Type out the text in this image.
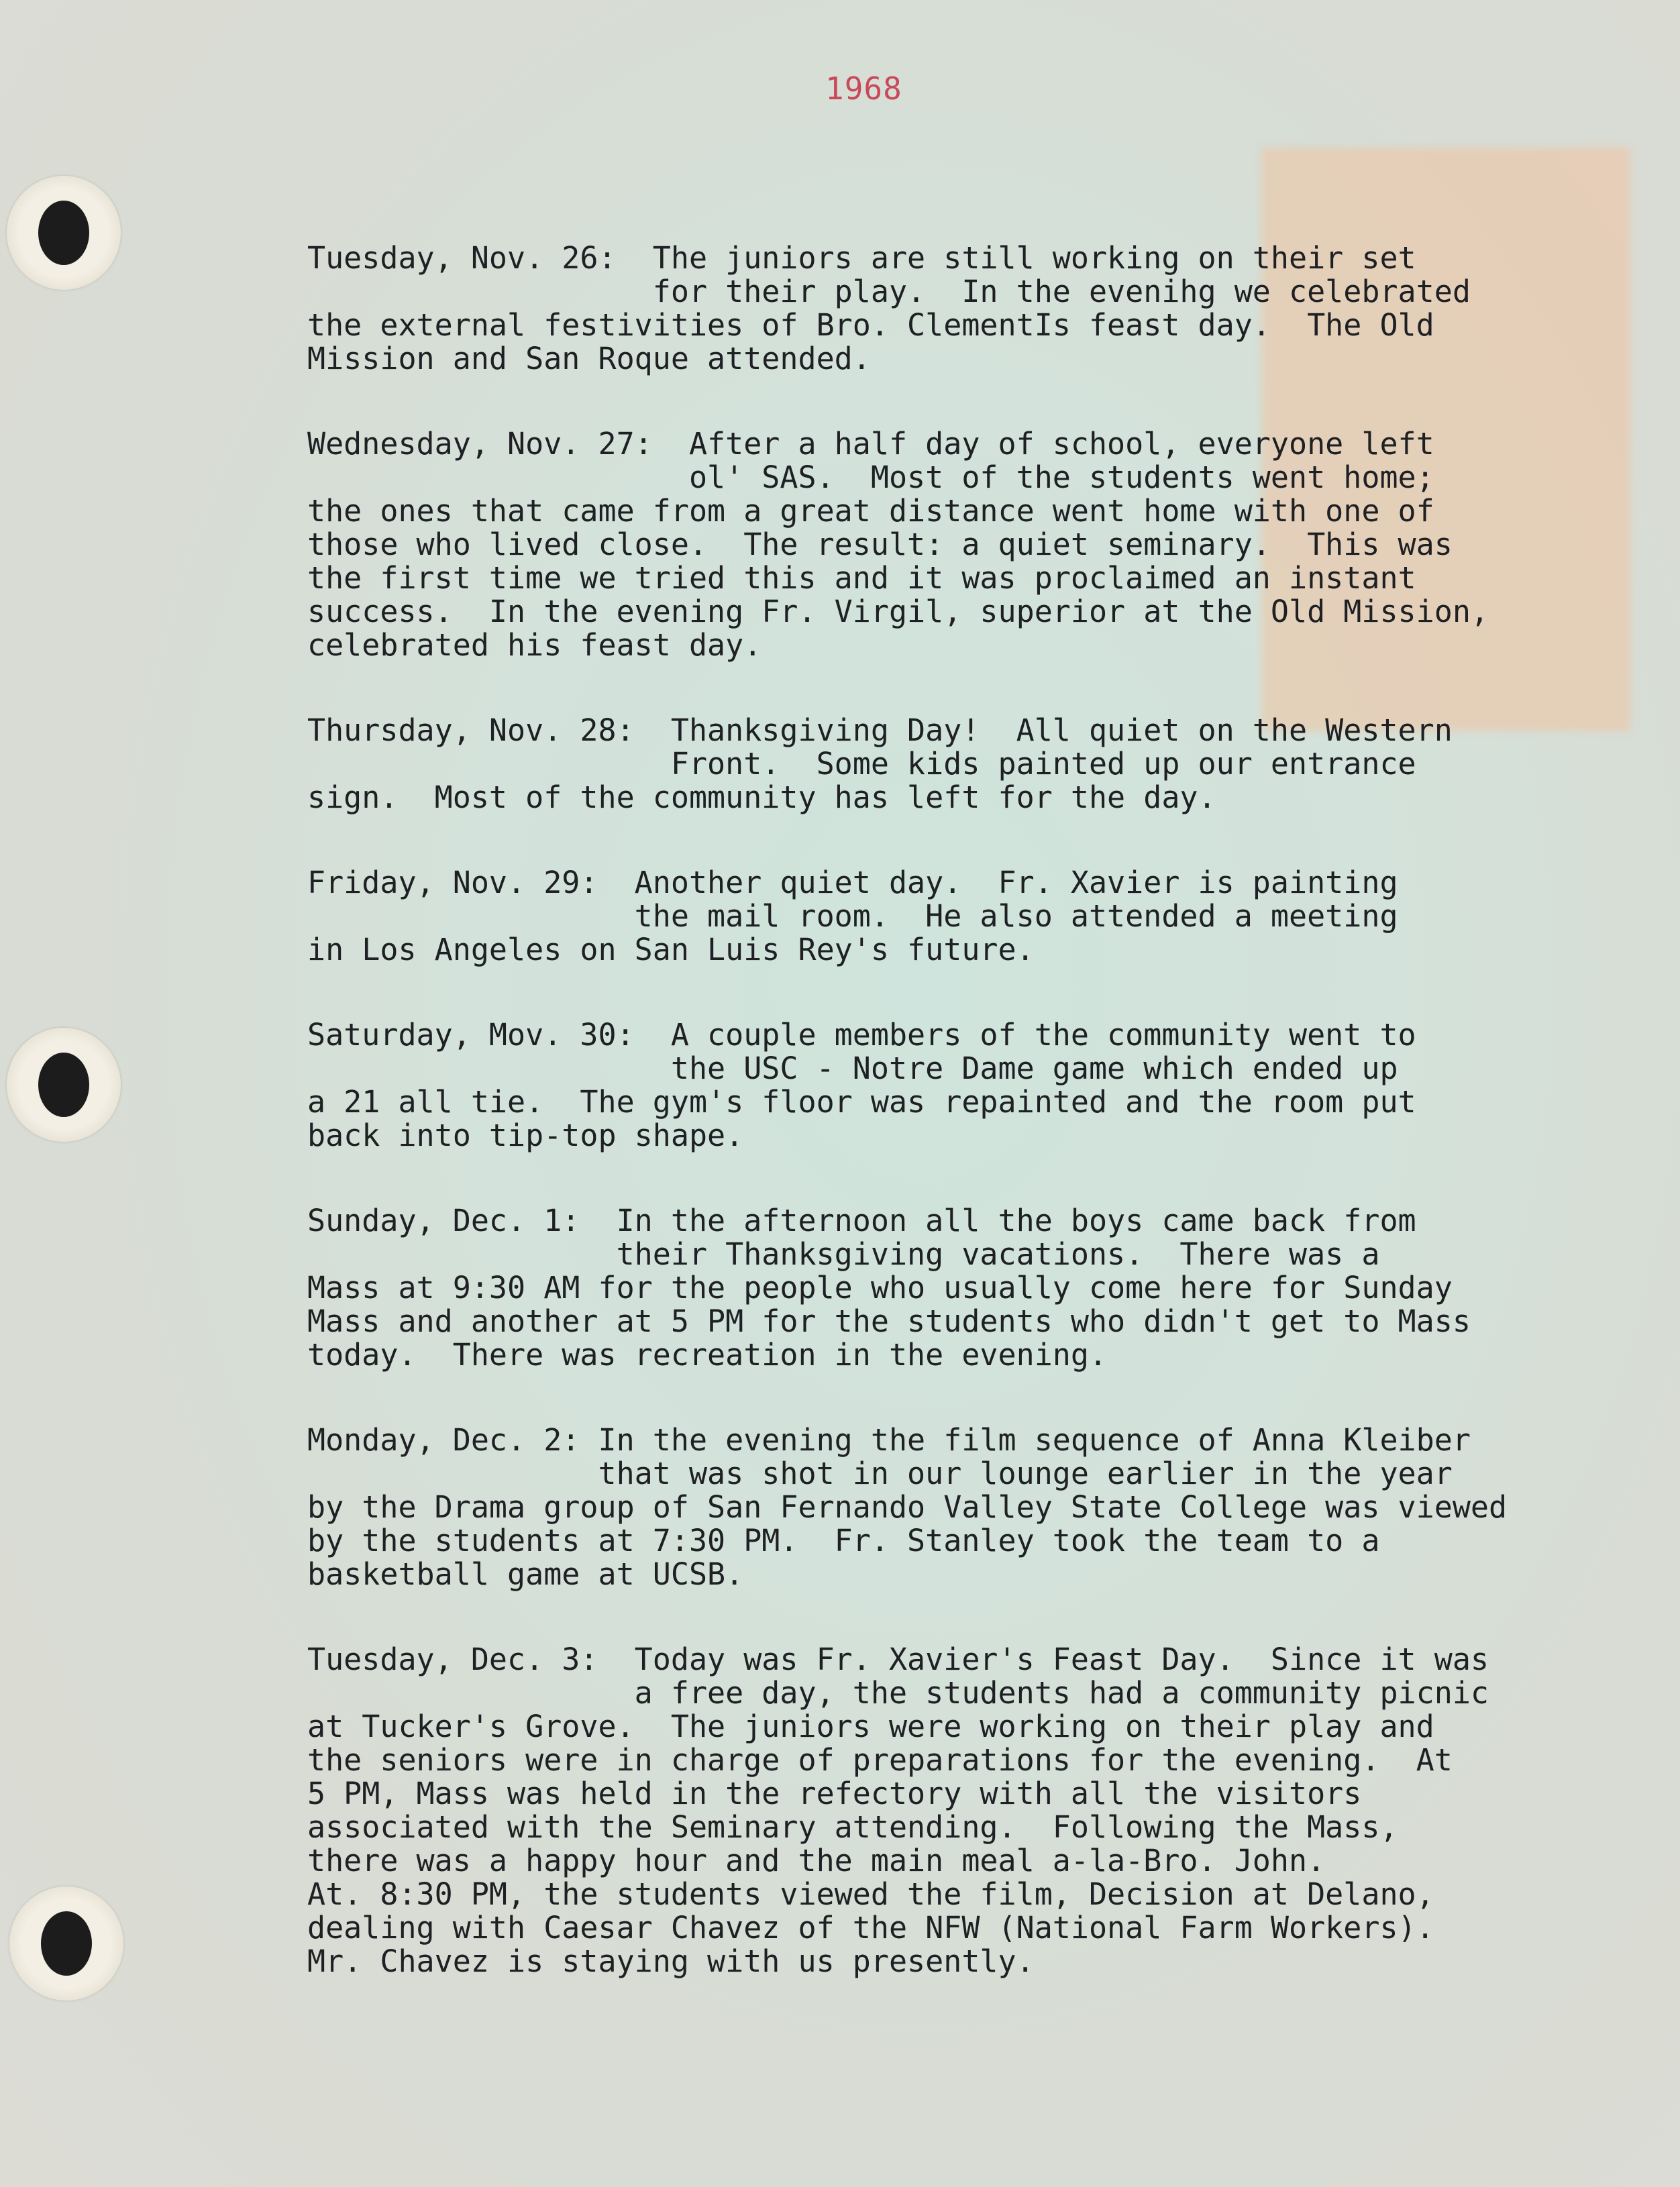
1968
Tuesday, Nov. 26:  The juniors are still working on their set
for their play.  In the evenihg we celebrated
the external festivities of Bro. ClementIs feast day.  The Old
Mission and San Roque attended.
Wednesday, Nov. 27:  After a half day of school, everyone left
ol' SAS.  Most of the students went home;
the ones that came from a great distance went home with one of
those who lived close.  The result: a quiet seminary.  This was
the first time we tried this and it was proclaimed an instant
success.  In the evening Fr. Virgil, superior at the Old Mission,
celebrated his feast day.
Thursday, Nov. 28:  Thanksgiving Day!  All quiet on the Western
Front.  Some kids painted up our entrance
sign.  Most of the community has left for the day.
Friday, Nov. 29:  Another quiet day.  Fr. Xavier is painting
the mail room.  He also attended a meeting
in Los Angeles on San Luis Rey's future.
Saturday, Mov. 30:  A couple members of the community went to
the USC - Notre Dame game which ended up
a 21 all tie.  The gym's floor was repainted and the room put
back into tip-top shape.
Sunday, Dec. 1:  In the afternoon all the boys came back from
their Thanksgiving vacations.  There was a
Mass at 9:30 AM for the people who usually come here for Sunday
Mass and another at 5 PM for the students who didn't get to Mass
today.  There was recreation in the evening.
Monday, Dec. 2: In the evening the film sequence of Anna Kleiber
that was shot in our lounge earlier in the year
by the Drama group of San Fernando Valley State College was viewed
by the students at 7:30 PM.  Fr. Stanley took the team to a
basketball game at UCSB.
Tuesday, Dec. 3:  Today was Fr. Xavier's Feast Day.  Since it was
a free day, the students had a community picnic
at Tucker's Grove.  The juniors were working on their play and
the seniors were in charge of preparations for the evening.  At
5 PM, Mass was held in the refectory with all the visitors
associated with the Seminary attending.  Following the Mass,
there was a happy hour and the main meal a-la-Bro. John.
At. 8:30 PM, the students viewed the film, Decision at Delano,
dealing with Caesar Chavez of the NFW (National Farm Workers).
Mr. Chavez is staying with us presently.
